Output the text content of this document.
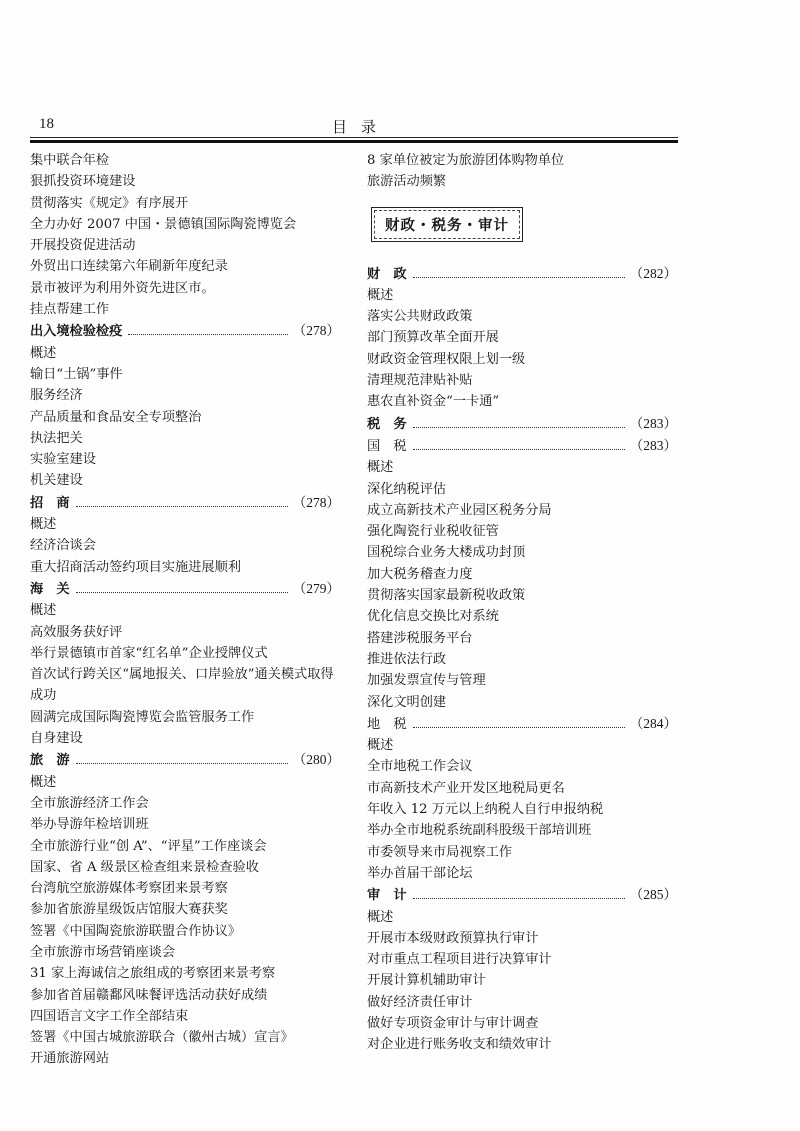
18	目录
集中联合年检
狠抓投资环境建设
贯彻落实《规定》有序展开
全力办好 2007 中国・景德镇国际陶瓷博览会
开展投资促进活动
外贸出口连续第六年刷新年度纪录
景市被评为利用外资先进区市。
挂点帮建工作
出入境检验检疫	（278）
概述
输日“土锅”事件
服务经济
产品质量和食品安全专项整治
执法把关
实验室建设
机关建设
招　商	（278）
概述
经济洽谈会
重大招商活动签约项目实施进展顺利
海　关	（279）
概述
高效服务获好评
举行景德镇市首家“红名单”企业授牌仪式
首次试行跨关区“属地报关、口岸验放”通关模式取得成功
圆满完成国际陶瓷博览会监管服务工作
自身建设
旅　游	（280）
概述
全市旅游经济工作会
举办导游年检培训班
全市旅游行业“创 A”、“评星”工作座谈会
国家、省 A 级景区检查组来景检查验收
台湾航空旅游媒体考察团来景考察
参加省旅游星级饭店馆服大赛获奖
签署《中国陶瓷旅游联盟合作协议》
全市旅游市场营销座谈会
31 家上海诚信之旅组成的考察团来景考察
参加省首届赣鄱风味餐评选活动获好成绩
四国语言文字工作全部结束
签署《中国古城旅游联合（徽州古城）宣言》
开通旅游网站
8 家单位被定为旅游团体购物单位
旅游活动频繁
财政・税务・审计
财　政	（282）
概述
落实公共财政政策
部门预算改革全面开展
财政资金管理权限上划一级
清理规范津贴补贴
惠农直补资金“一卡通”
税　务	（283）
国　税	（283）
概述
深化纳税评估
成立高新技术产业园区税务分局
强化陶瓷行业税收征管
国税综合业务大楼成功封顶
加大税务稽查力度
贯彻落实国家最新税收政策
优化信息交换比对系统
搭建涉税服务平台
推进依法行政
加强发票宣传与管理
深化文明创建
地　税	（284）
概述
全市地税工作会议
市高新技术产业开发区地税局更名
年收入 12 万元以上纳税人自行申报纳税
举办全市地税系统副科股级干部培训班
市委领导来市局视察工作
举办首届干部论坛
审　计	（285）
概述
开展市本级财政预算执行审计
对市重点工程项目进行决算审计
开展计算机辅助审计
做好经济责任审计
做好专项资金审计与审计调查
对企业进行账务收支和绩效审计
